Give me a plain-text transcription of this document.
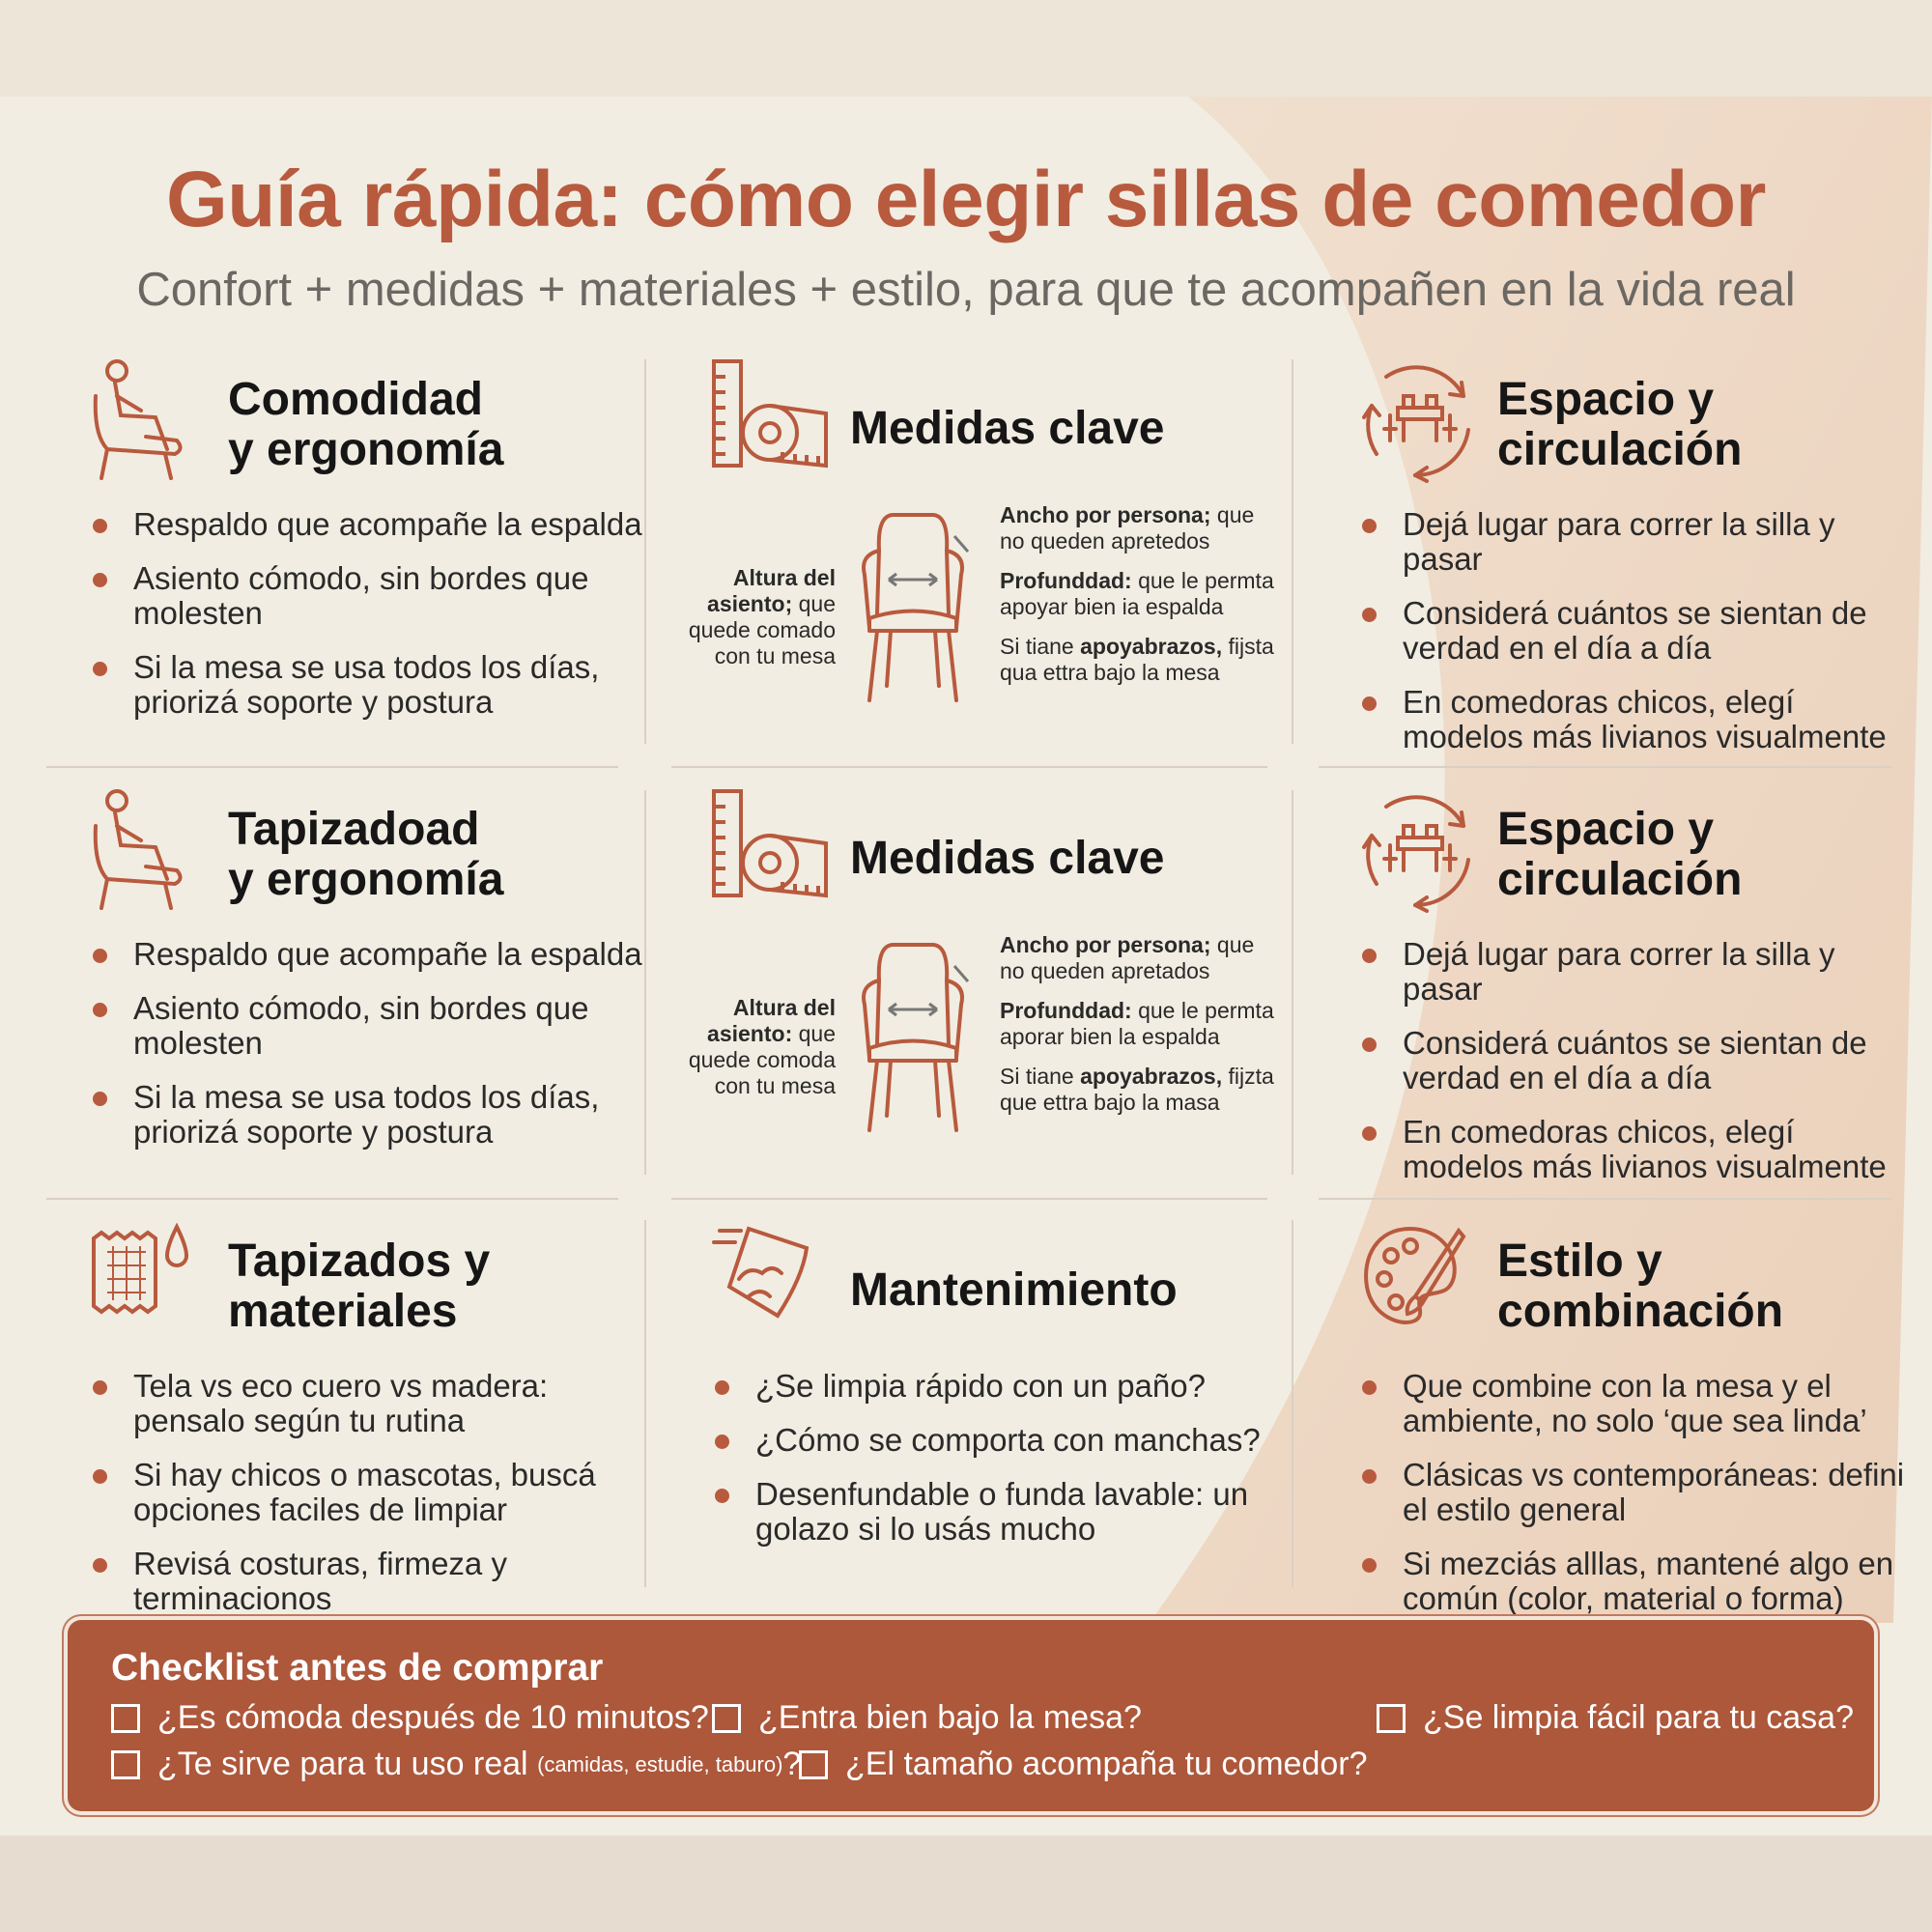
Guía rápida: cómo elegir sillas de comedor
Confort + medidas + materiales + estilo, para que te acompañen en la vida real
Comodidad
y ergonomía
Respaldo que acompañe la espalda
Asiento cómodo, sin bordes que molesten
Si la mesa se usa todos los días, priorizá soporte y postura
Medidas clave
Altura del asiento; que quede comado con tu mesa

Ancho por persona; que no queden apretedos

Profunddad: que le permta apoyar bien ia espalda

Si tiane apoyabrazos, fijsta qua ettra bajo la mesa

Espacio y
circulación
Dejá lugar para correr la silla y pasar
Considerá cuántos se sientan de verdad en el día a día
En comedoras chicos, elegí modelos más livianos visualmente
Tapizadoad
y ergonomía
Respaldo que acompañe la espalda
Asiento cómodo, sin bordes que molesten
Si la mesa se usa todos los días, priorizá soporte y postura
Medidas clave
Altura del asiento: que quede comoda con tu mesa

Ancho por persona; que no queden apretados

Profunddad: que le permta aporar bien la espalda

Si tiane apoyabrazos, fijzta que ettra bajo la masa

Espacio y
circulación
Dejá lugar para correr la silla y pasar
Considerá cuántos se sientan de verdad en el día a día
En comedoras chicos, elegí modelos más livianos visualmente
Tapizados y
materiales
Tela vs eco cuero vs madera: pensalo según tu rutina
Si hay chicos o mascotas, buscá opciones faciles de limpiar
Revisá costuras, firmeza y terminacionos
Mantenimiento
¿Se limpia rápido con un paño?
¿Cómo se comporta con manchas?
Desenfundable o funda lavable: un golazo si lo usás mucho
Estilo y
combinación
Que combine con la mesa y el ambiente, no solo ‘que sea linda’
Clásicas vs contemporáneas: defini el estilo general
Si mezciás alllas, mantené algo en común (color, material o forma)
Checklist antes de comprar
¿Es cómoda después de 10 minutos? ¿Entra bien bajo la mesa?	¿Se limpia fácil para tu casa?
¿Te sirve para tu uso real
(camidas, estudie, taburo) ? ¿El tamaño acompaña tu comedor?
